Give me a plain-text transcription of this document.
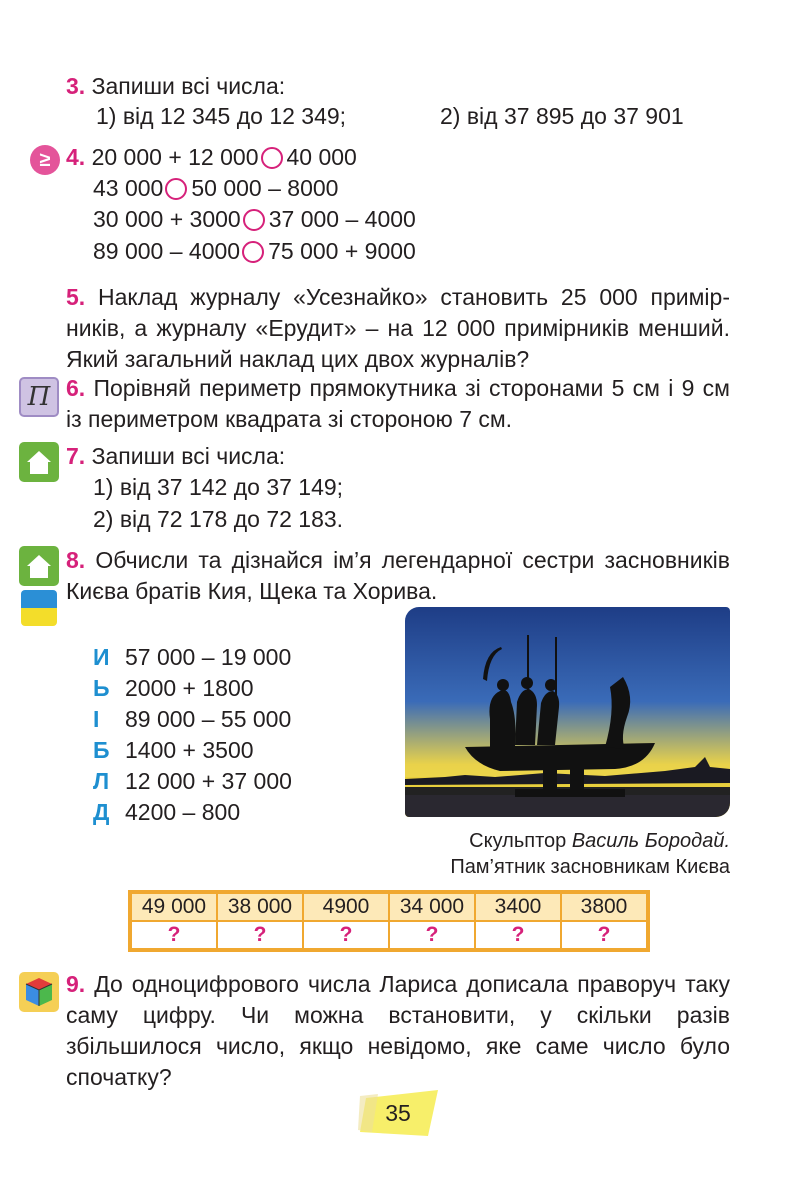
3. Запиши всі числа:
1) від 12 345 до 12 349;	2) від 37 895 до 37 901
≥ 4. 20 000 + 12 000 40 000
43 000 50 000 – 8000
30 000 + 3000 37 000 – 4000
89 000 – 4000 75 000 + 9000
5. Наклад журналу «Усезнайко» становить 25 000 примірників, а журналу «Ерудит» – на 12 000 примірників менший. Який загальний наклад цих двох журналів?
П 6. Порівняй периметр прямокутника зі сторонами 5 см і 9 см із периметром квадрата зі стороною 7 см.
7. Запиши всі числа:
1) від 37 142 до 37 149;
2) від 72 178 до 72 183.
8. Обчисли та дізнайся ім’я легендарної сестри засновників Києва братів Кия, Щека та Хорива.
И 57 000 – 19 000
Ь 2000 + 1800
І 89 000 – 55 000
Б 1400 + 3500
Л 12 000 + 37 000
Д 4200 – 800
Скульптор Василь Бородай.
Пам’ятник засновникам Києва
49 000	38 000	4900	34 000	3400	3800
?	?	?	?	?	?
9. До одноцифрового числа Лариса дописала праворуч таку саму цифру. Чи можна встановити, у скільки разів збільшилося число, якщо невідомо, яке саме число було спочатку?
35
